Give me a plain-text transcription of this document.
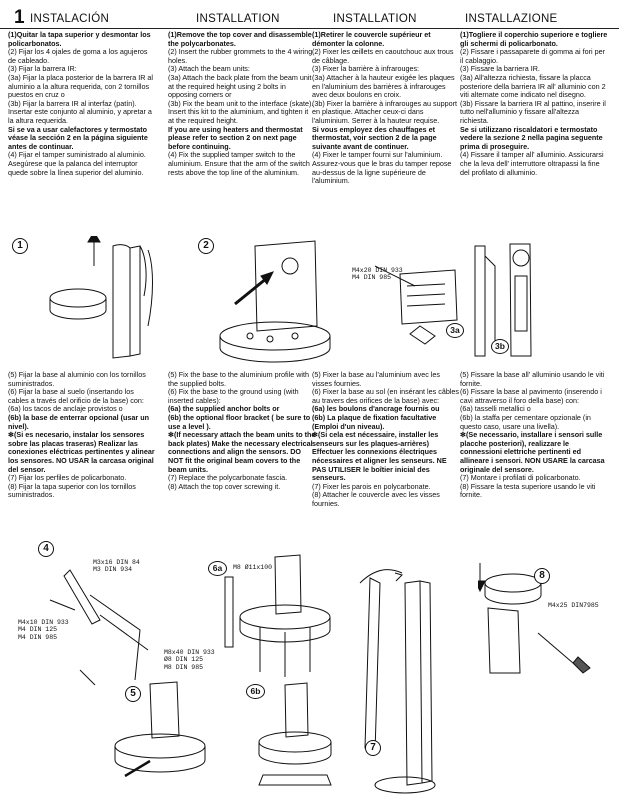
1 INSTALACIÓN	INSTALLATION	INSTALLATION	INSTALLAZIONE

(1)Quitar la tapa superior y desmontar los policarbonatos.

(2) Fijar los 4 ojales de goma a los agujeros de cableado.

(3) Fijar la barrera IR:

(3a) Fijar la placa posterior de la barrera IR al aluminio a la altura requerida, con 2 tornillos puestos en cruz o

(3b) Fijar la barrera IR al interfaz (patín). Insertar este conjunto al aluminio, y apretar a la altura requerida.

Si se va a usar calefactores y termostato véase la sección 2 en la página siguiente antes de continuar.

(4) Fijar el tamper suministrado al aluminio. Asegúrese que la palanca del interruptor quede sobre la línea superior del aluminio.

(1)Remove the top cover and disassemble the polycarbonates.

(2) Insert the rubber grommets to the 4 wiring holes.

(3) Attach the beam units:

(3a) Attach the back plate from the beam unit at the required height using 2 bolts in opposing corners or

(3b) Fix the beam unit to the interface (skate). Insert this kit to the aluminium, and tighten it at the required height.

If you are using heaters and thermostat please refer to section 2 on next page before continuing.

(4) Fix the supplied tamper switch to the aluminium. Ensure that the arm of the switch rests above the top line of the aluminium.

(1)Retirer le couvercle supérieur et démonter la colonne.

(2) Fixer les œillets en caoutchouc aux trous de câblage.

(3) Fixer la barrière à infrarouges:

(3a) Attacher à la hauteur exigée les plaques en l'aluminium des barrières à infrarouges avec deux boulons en croix.

(3b) Fixer la barrière à infrarouges au support en plastique. Attacher ceux-ci dans l'aluminium. Serrer à la hauteur requise.

Si vous employez des chauffages et thermostat, voir section 2 de la page suivante avant de continuer.

(4) Fixer le tamper fourni sur l'aluminium. Assurez-vous que le bras du tamper repose au-dessus de la ligne supérieure de l'aluminium.

(1)Togliere il coperchio superiore e togliere gli schermi di policarbonato.

(2) Fissare i passaparete di gomma ai fori per il cablaggio.

(3) Fissare la barriera IR.

(3a) All'altezza richiesta, fissare la placca posteriore della barriera IR all' alluminio con 2 viti alternate come indicato nel disegno.

(3b) Fissare la barriera IR al pattino, inserire il tutto nell'alluminio y fissare all'altezza richiesta.

Se si utilizzano riscaldatori e termostato vedere la sezione 2 nella pagina seguente prima di proseguire.

(4) Fissare il tamper all' alluminio. Assicurarsi che la leva dell' interruttore oltrapassi la fine del profilato di alluminio.

(5) Fijar la base al aluminio con los tornillos suministrados.

(6) Fijar la base al suelo (insertando los cables a través del orificio de la base) con:

(6a) los tacos de anclaje provistos o

(6b) la base de enterrar opcional (usar un nivel).

✻(Si es necesario, instalar los sensores sobre las placas traseras) Realizar las conexiones eléctricas pertinentes y alinear los sensores. NO USAR la carcasa original del sensor.

(7) Fijar los perfiles de policarbonato.

(8) Fijar la tapa superior con los tornillos suministrados.

(5) Fix the base to the aluminium profile with the supplied bolts.

(6) Fix the base to the ground using (with inserted cables):

(6a) the supplied anchor bolts or

(6b) the optional floor bracket ( be sure to use a level ).

✻(If necessary attach the beam units to the back plates) Make the necessary electrical connections and align the sensors. DO NOT fit the original beam covers to the beam units.

(7) Replace the polycarbonate fascia.

(8) Attach the top cover screwing it.

(5) Fixer la base au l'aluminium avec les visses fournies.

(6) Fixer la base au sol (en insérant les câbles au travers des orifices de la base) avec:

(6a) les boulons d'ancrage fournis ou

(6b) La plaque de fixation facultative (Emploi d'un niveau).

✻(Si cela est nécessaire, installer les senseurs sur les plaques-arrières) Effectuer les connexions électriques nécessaires et aligner les senseurs. NE PAS UTILISER le boîtier inicial des senseurs.

(7) Fixer les parois en polycarbonate.

(8) Attacher le couvercle avec les visses fournies.

(5) Fissare la base all' alluminio usando le viti fornite.

(6) Fissare la base al pavimento (inserendo i cavi attraverso il foro della base) con:

(6a) tasselli metallici o

(6b) la staffa per cementare opzionale (in questo caso, usare una livella).

✻(Se necessario, installare i sensori sulle placche posteriori), realizzare le connessioni elettriche pertinenti ed allineare i sensori. NON USARE la carcasa originale del sensore.

(7) Montare i profilati di policarbonato.

(8) Fissare la testa superiore usando le viti fornite.

1	2
M4x20 DIN 933
M4 DIN 985
3a
3b
4
M3x16 DIN 84
M3 DIN 934
M4x10 DIN 933
M4 DIN 125
M4 DIN 985
6a	M8 Ø11x100
M8x40 DIN 933
Ø8 DIN 125
M8 DIN 985
5	6b
7
8
M4x25 DIN7985
